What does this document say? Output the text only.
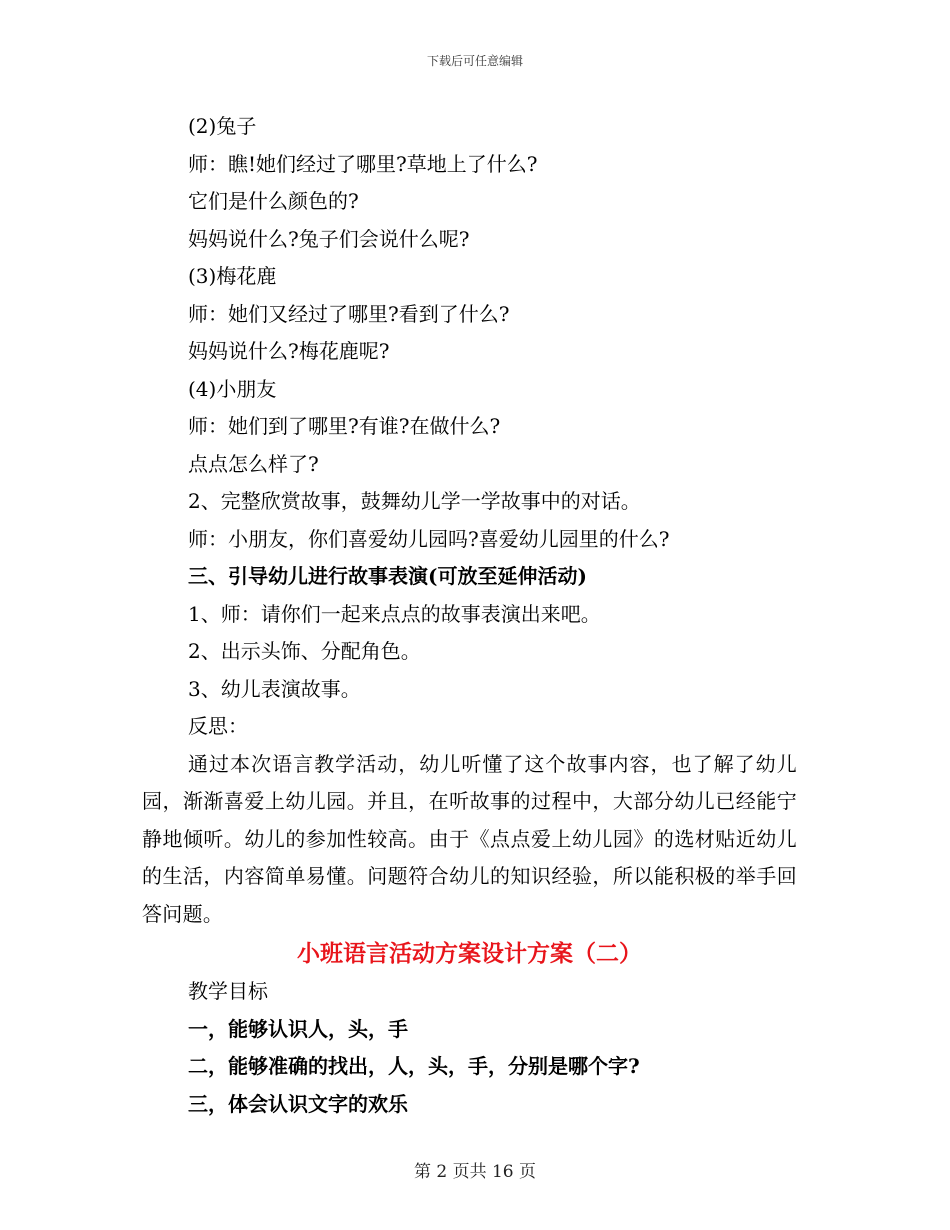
下载后可任意编辑
(2)兔子
师：瞧!她们经过了哪里?草地上了什么?
它们是什么颜色的?
妈妈说什么?兔子们会说什么呢?
(3)梅花鹿
师：她们又经过了哪里?看到了什么?
妈妈说什么?梅花鹿呢?
(4)小朋友
师：她们到了哪里?有谁?在做什么?
点点怎么样了?
2、完整欣赏故事，鼓舞幼儿学一学故事中的对话。
师：小朋友，你们喜爱幼儿园吗?喜爱幼儿园里的什么?
三、引导幼儿进行故事表演(可放至延伸活动)
1、师：请你们一起来点点的故事表演出来吧。
2、出示头饰、分配角色。
3、幼儿表演故事。
反思：
通过本次语言教学活动，幼儿听懂了这个故事内容，也了解了幼儿园，渐渐喜爱上幼儿园。并且，在听故事的过程中，大部分幼儿已经能宁静地倾听。幼儿的参加性较高。由于《点点爱上幼儿园》的选材贴近幼儿的生活，内容简单易懂。问题符合幼儿的知识经验，所以能积极的举手回答问题。
小班语言活动方案设计方案（二）
教学目标
一，能够认识人，头，手
二，能够准确的找出，人，头，手，分别是哪个字?
三，体会认识文字的欢乐
第 2 页共 16 页
